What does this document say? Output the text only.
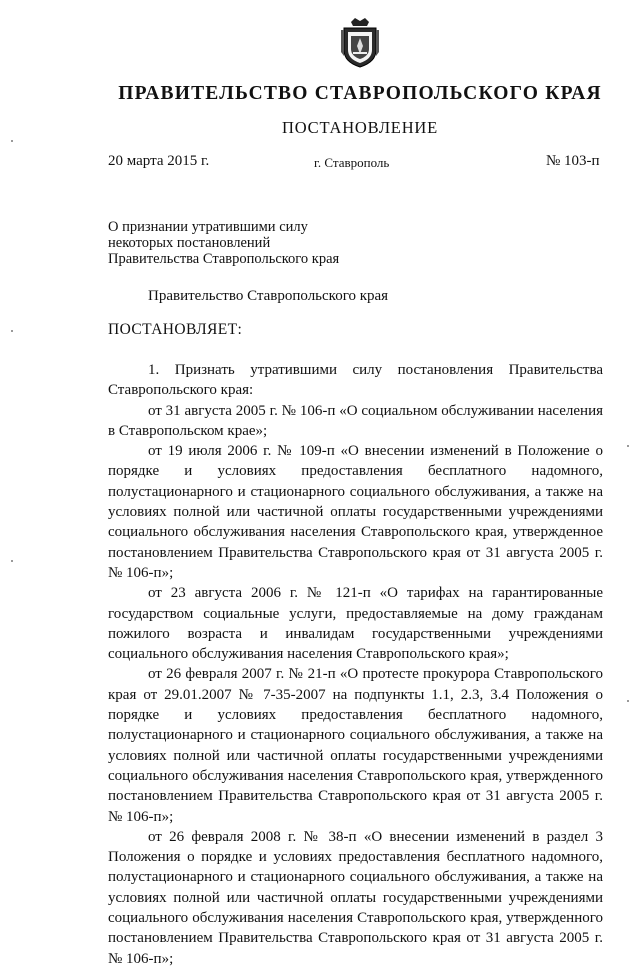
ПРАВИТЕЛЬСТВО СТАВРОПОЛЬСКОГО КРАЯ
ПОСТАНОВЛЕНИЕ
20 марта 2015 г.	г. Ставрополь	№ 103-п
О признании утратившими силу
некоторых постановлений
Правительства Ставропольского края
Правительство Ставропольского края
ПОСТАНОВЛЯЕТ:

1. Признать утратившими силу постановления Правительства Ставропольского края:

от 31 августа 2005 г. № 106-п «О социальном обслуживании населения в Ставропольском крае»;

от 19 июля 2006 г. № 109-п «О внесении изменений в Положение о порядке и условиях предоставления бесплатного надомного, полустационарного и стационарного социального обслуживания, а также на условиях полной или частичной оплаты государственными учреждениями социального обслуживания населения Ставропольского края, утвержденное постановлением Правительства Ставропольского края от 31 августа 2005 г. № 106-п»;

от 23 августа 2006 г. № 121-п «О тарифах на гарантированные государством социальные услуги, предоставляемые на дому гражданам пожилого возраста и инвалидам государственными учреждениями социального обслуживания населения Ставропольского края»;

от 26 февраля 2007 г. № 21-п «О протесте прокурора Ставропольского края от 29.01.2007 № 7-35-2007 на подпункты 1.1, 2.3, 3.4 Положения о порядке и условиях предоставления бесплатного надомного, полустационарного и стационарного социального обслуживания, а также на условиях полной или частичной оплаты государственными учреждениями социального обслуживания населения Ставропольского края, утвержденного постановлением Правительства Ставропольского края от 31 августа 2005 г. № 106-п»;

от 26 февраля 2008 г. № 38-п «О внесении изменений в раздел 3 Положения о порядке и условиях предоставления бесплатного надомного, полустационарного и стационарного социального обслуживания, а также на условиях полной или частичной оплаты государственными учреждениями социального обслуживания населения Ставропольского края, утвержденного постановлением Правительства Ставропольского края от 31 августа 2005 г. № 106-п»;
